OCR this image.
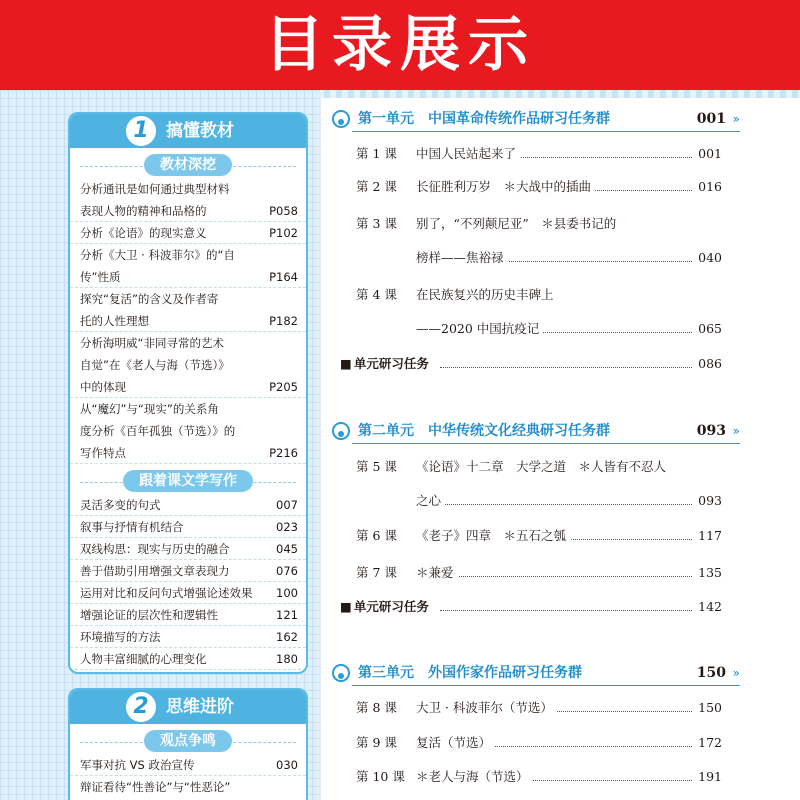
目录展示
1	搞懂教材
教材深挖
分析通讯是如何通过典型材料
表现人物的精神和品格的	P058
分析《论语》的现实意义	P102
分析《大卫 · 科波菲尔》的“自
传”性质	P164
探究“复活”的含义及作者寄
托的人性理想	P182
分析海明威“非同寻常的艺术
自觉”在《老人与海（节选）》
中的体现	P205
从“魔幻”与“现实”的关系角
度分析《百年孤独（节选）》的
写作特点	P216
跟着课文学写作
灵活多变的句式	007
叙事与抒情有机结合	023
双线构思：现实与历史的融合	045
善于借助引用增强文章表现力	076
运用对比和反问句式增强论述效果 100
增强论证的层次性和逻辑性	121
环境描写的方法	162
人物丰富细腻的心理变化	180
2	思维进阶
观点争鸣
军事对抗 VS 政治宣传	030
辩证看待“性善论”与“性恶论”
第一单元　中国革命传统作品研习任务群	001 »
第 1 课 中国人民站起来了	001
第 2 课 长征胜利万岁　＊大战中的插曲	016
第 3 课 别了，“不列颠尼亚”　＊县委书记的
榜样——焦裕禄	040
第 4 课 在民族复兴的历史丰碑上
——2020 中国抗疫记	065
■ 单元研习任务	086
第二单元　中华传统文化经典研习任务群	093 »
第 5 课 《论语》十二章　大学之道　＊人皆有不忍人
之心	093
第 6 课 《老子》四章　＊五石之瓠	117
第 7 课 ＊兼爱	135
■ 单元研习任务	142
第三单元　外国作家作品研习任务群	150 »
第 8 课 大卫 · 科波菲尔（节选）	150
第 9 课 复活（节选）	172
第 10 课 ＊老人与海（节选）	191
